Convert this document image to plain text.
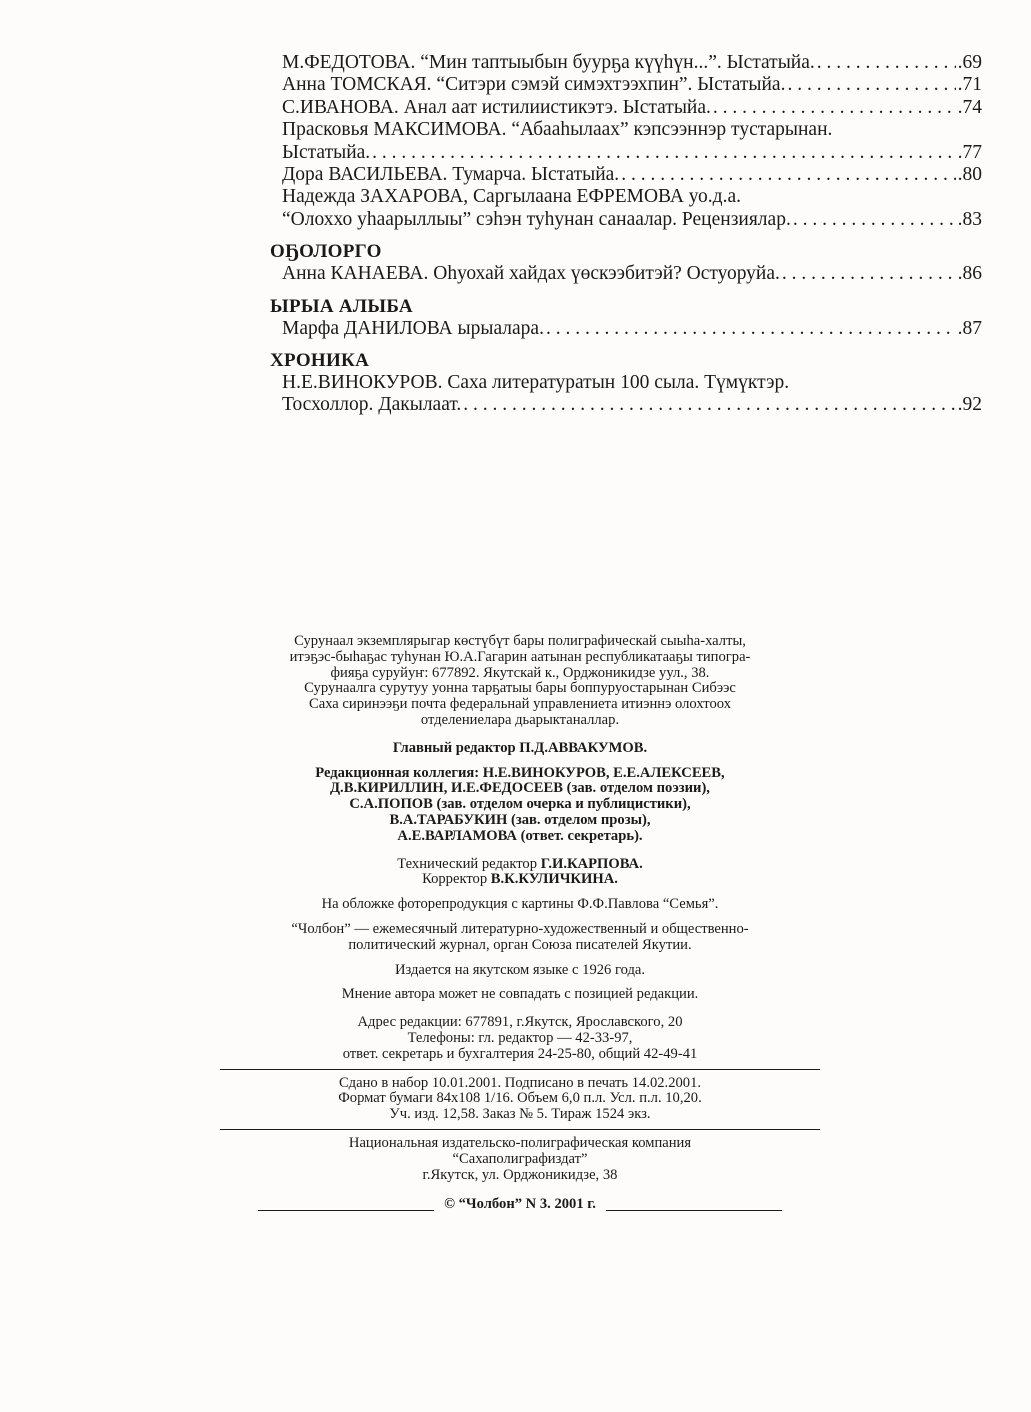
М.ФЕДОТОВА. “Мин таптыыбын буурҕа күүһүн...”. Ыстатыйа. . . .	.69
Анна ТОМСКАЯ. “Ситэри сэмэй симэхтээхпин”. Ыстатыйа. . . .	.71
С.ИВАНОВА. Анал аат истилиистикэтэ. Ыстатыйа. . . .	.74
Прасковья МАКСИМОВА. “Абааһылаах” кэпсээннэр тустарынан.
Ыстатыйа. . . .	.77
Дора ВАСИЛЬЕВА. Тумарча. Ыстатыйа. . . .	.80
Надежда ЗАХАРОВА, Саргылаана ЕФРЕМОВА уо.д.а.
“Олоххо уһаарыллыы” сэһэн туһунан санаалар. Рецензиялар. . . .	.83
ОҔОЛОРГО
Анна КАНАЕВА. Оһуохай хайдах үөскээбитэй? Остуоруйа. . . .	.86
ЫРЫА АЛЫБА
Марфа ДАНИЛОВА ырыалара. . . .	.87
ХРОНИКА
Н.Е.ВИНОКУРОВ. Саха литературатын 100 сыла. Түмүктэр.
Тосхоллор. Дакылаат. . . .	.92
Сурунаал экземплярыгар көстүбүт бары полиграфическай сыыһа-халты,
итэҕэс-быһаҕас туһунан Ю.А.Гагарин аатынан республикатааҕы типогра-
фияҕа суруйуҥ: 677892. Якутскай к., Орджоникидзе уул., 38.
Сурунаалга сурутуу уонна тарҕатыы бары боппуруостарынан Сибээс
Саха сиринээҕи почта федеральнай управлениета итиэннэ олохтоох
отделениелара дьарыктаналлар.
Главный редактор П.Д.АВВАКУМОВ.
Редакционная коллегия: Н.Е.ВИНОКУРОВ, Е.Е.АЛЕКСЕЕВ,
Д.В.КИРИЛЛИН, И.Е.ФЕДОСЕЕВ (зав. отделом поэзии),
С.А.ПОПОВ (зав. отделом очерка и публицистики),
В.А.ТАРАБУКИН (зав. отделом прозы),
А.Е.ВАРЛАМОВА (ответ. секретарь).
Технический редактор Г.И.КАРПОВА.
Корректор В.К.КУЛИЧКИНА.
На обложке фоторепродукция с картины Ф.Ф.Павлова “Семья”.
“Чолбон” — ежемесячный литературно-художественный и общественно-
политический журнал, орган Союза писателей Якутии.
Издается на якутском языке с 1926 года.
Мнение автора может не совпадать с позицией редакции.
Адрес редакции: 677891, г.Якутск, Ярославского, 20
Телефоны: гл. редактор — 42-33-97,
ответ. секретарь и бухгалтерия 24-25-80, общий 42-49-41
Сдано в набор 10.01.2001. Подписано в печать 14.02.2001.
Формат бумаги 84х108 1/16. Объем 6,0 п.л. Усл. п.л. 10,20.
Уч. изд. 12,58. Заказ № 5. Тираж 1524 экз.
Национальная издательско-полиграфическая компания
“Сахаполиграфиздат”
г.Якутск, ул. Орджоникидзе, 38
© “Чолбон” N 3. 2001 г.
